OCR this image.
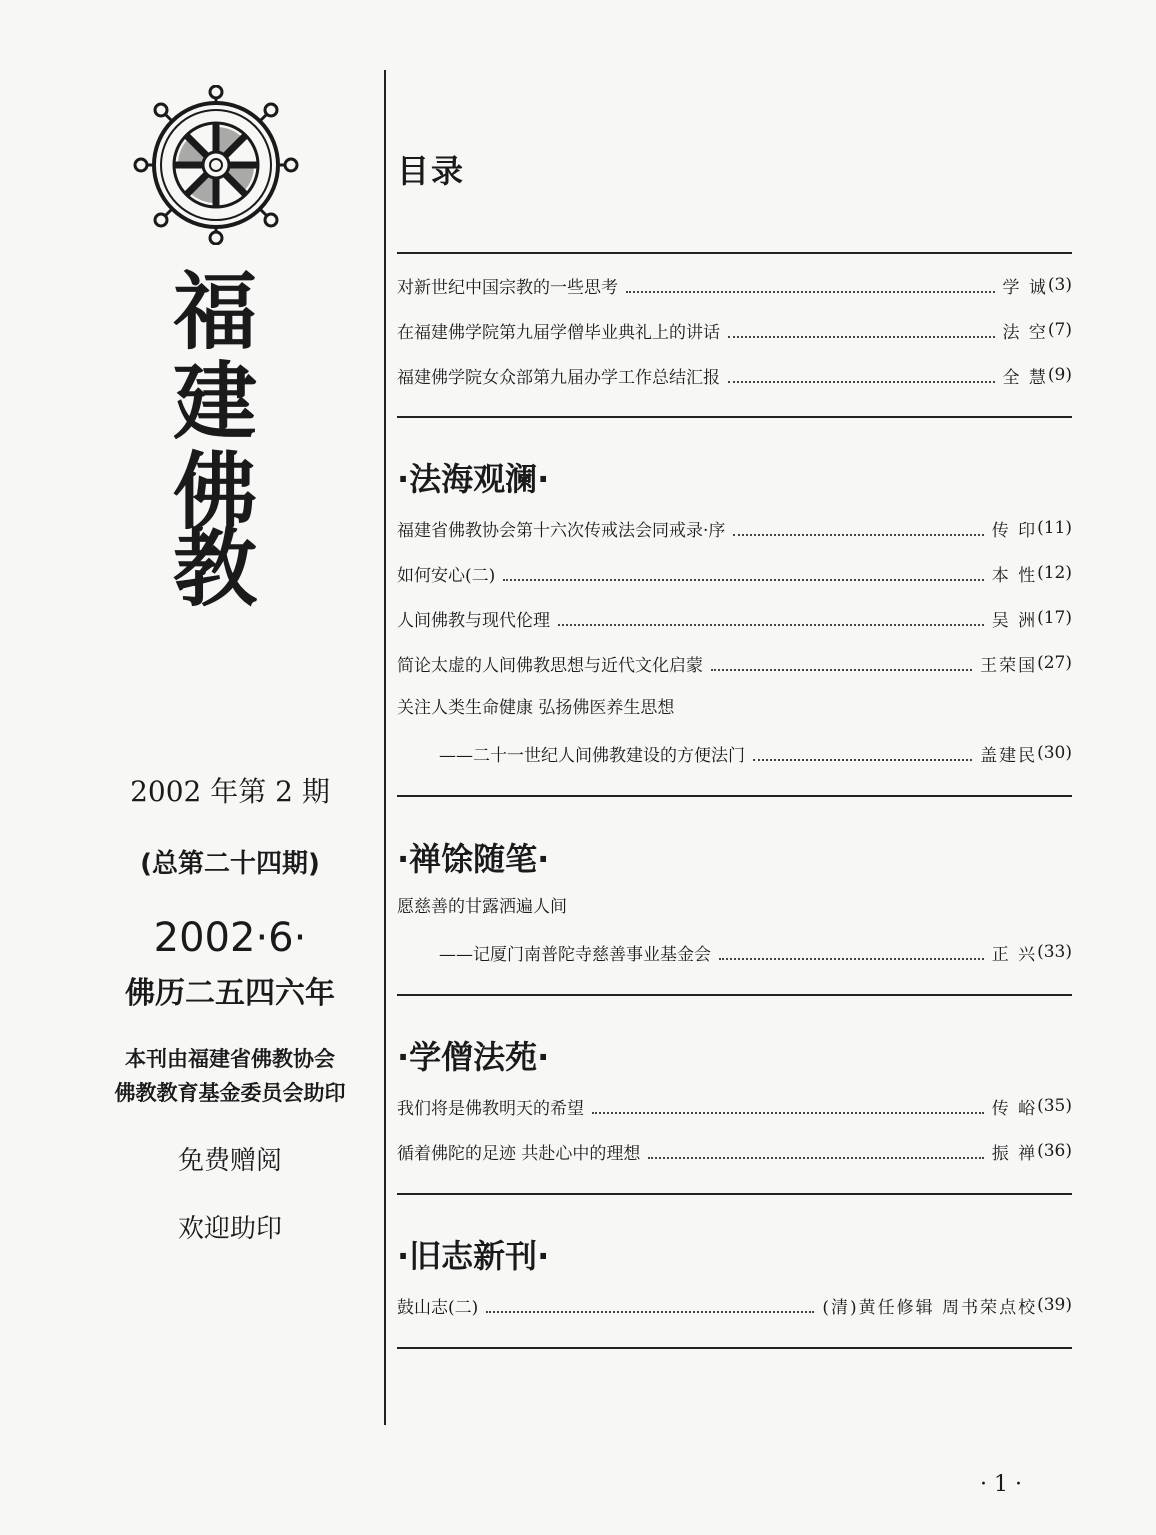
福
建
佛
教
2002 年第 2 期
(总第二十四期)
2002·6·
佛历二五四六年
本刊由福建省佛教协会
佛教教育基金委员会助印
免费赠阅
欢迎助印
目录
对新世纪中国宗教的一些思考	学 诚 (3)
在福建佛学院第九届学僧毕业典礼上的讲话	法 空 (7)
福建佛学院女众部第九届办学工作总结汇报	全 慧 (9)
·法海观澜·
福建省佛教协会第十六次传戒法会同戒录·序	传 印 (11)
如何安心(二)	本 性 (12)
人间佛教与现代伦理	吴 洲 (17)
简论太虚的人间佛教思想与近代文化启蒙	王荣国 (27)
关注人类生命健康 弘扬佛医养生思想
——二十一世纪人间佛教建设的方便法门	盖建民 (30)
·禅馀随笔·
愿慈善的甘露洒遍人间
——记厦门南普陀寺慈善事业基金会	正 兴 (33)
·学僧法苑·
我们将是佛教明天的希望	传 峪 (35)
循着佛陀的足迹 共赴心中的理想	振 禅 (36)
·旧志新刊·
鼓山志(二)	(清)黄任修辑 周书荣点校 (39)
· 1 ·
